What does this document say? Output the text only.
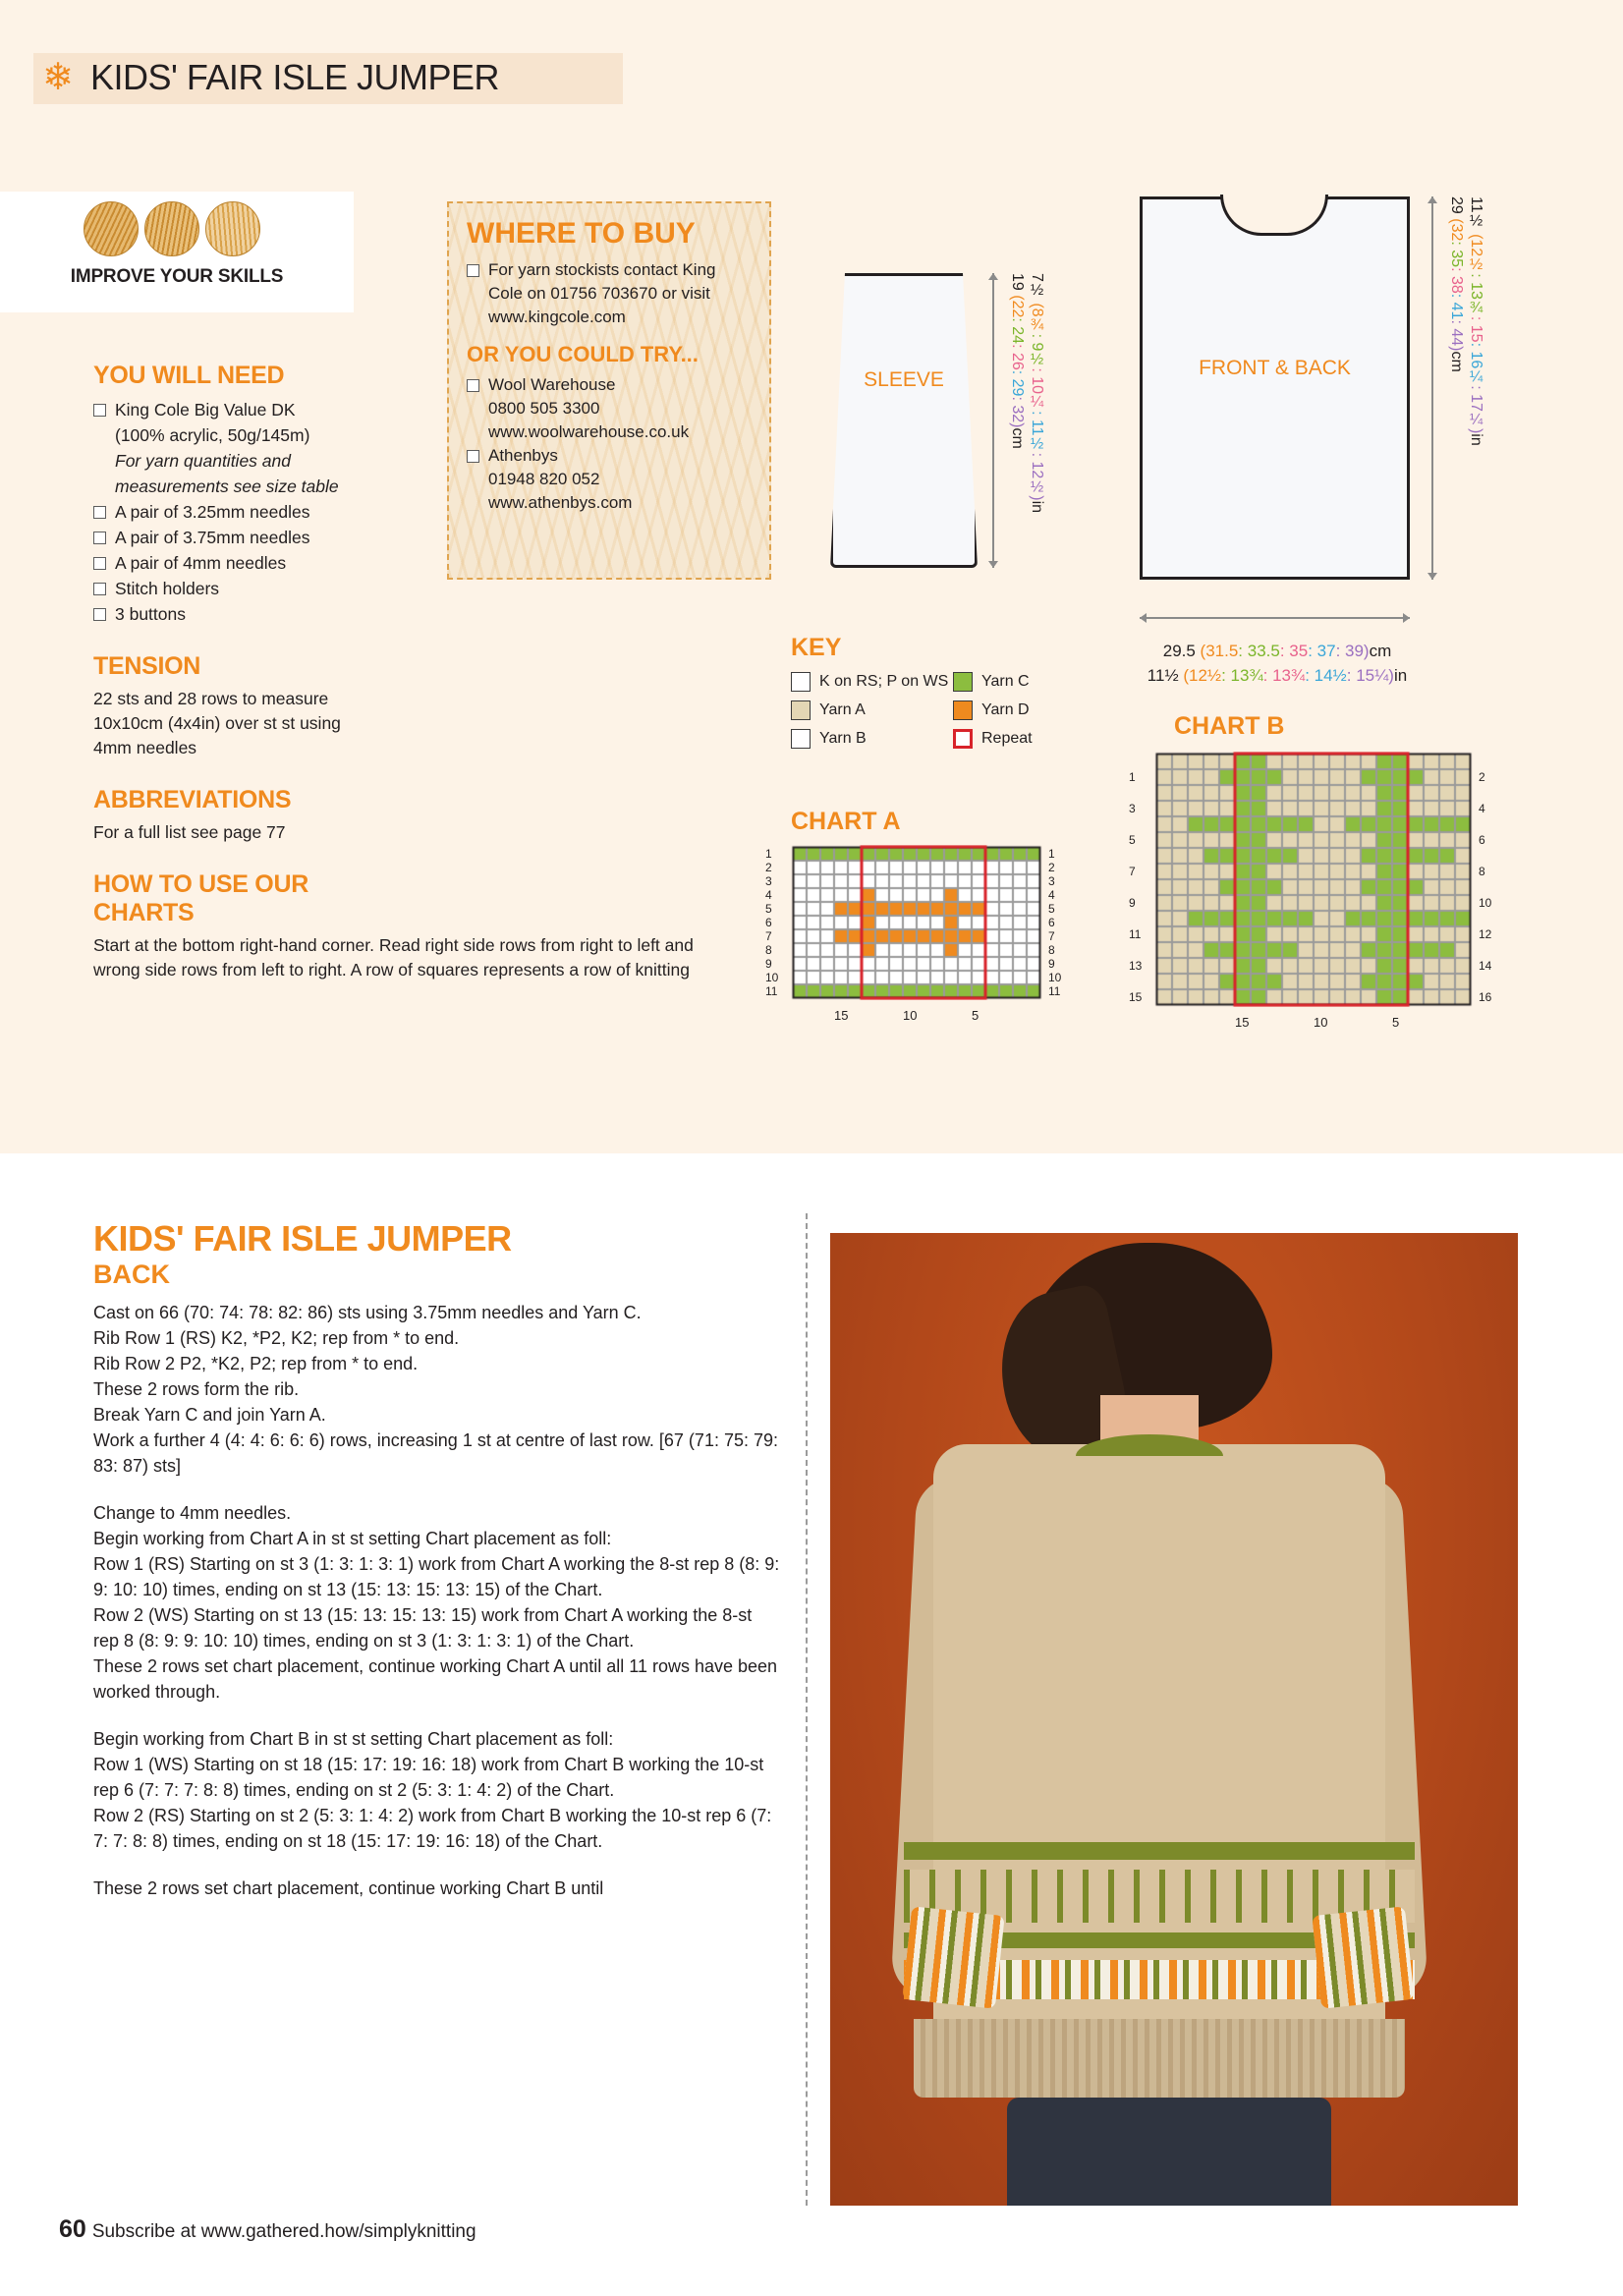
❄ KIDS' FAIR ISLE JUMPER
IMPROVE YOUR SKILLS
YOU WILL NEED
King Cole Big Value DK
(100% acrylic, 50g/145m)
For yarn quantities and
measurements see size table
A pair of 3.25mm needles
A pair of 3.75mm needles
A pair of 4mm needles
Stitch holders
3 buttons
TENSION
22 sts and 28 rows to measure
10x10cm (4x4in) over st st using
4mm needles
ABBREVIATIONS
For a full list see page 77
HOW TO USE OUR CHARTS
Start at the bottom right-hand corner. Read right side rows from right to left and wrong side rows from left to right. A row of squares represents a row of knitting
WHERE TO BUY
For yarn stockists contact King
Cole on 01756 703670 or visit
www.kingcole.com
OR YOU COULD TRY...
Wool Warehouse
0800 505 3300
www.woolwarehouse.co.uk
Athenbys
01948 820 052
www.athenbys.com
SLEEVE
19 (22: 24: 26: 29: 32)cm
7½ (8¾: 9½: 10¼: 11½: 12½)in
FRONT & BACK
29 (32: 35: 38: 41: 44)cm
11½ (12½: 13¾: 15: 16¼: 17¼)in
29.5 (31.5: 33.5: 35: 37: 39)cm
11½ (12½: 13¾: 13¾: 14½: 15¼)in
KEY
K on RS; P on WS Yarn C
Yarn A	Yarn D
Yarn B	Repeat
CHART A
11
10
9
8
7
6
5
4
3
2
1
11
10
9
8
7
6
5
4
3
2
1
15	10	5
CHART B
15
13
11
9
7
5
3
1
16
14
12
10
8
6
4
2
15	10	5
KIDS' FAIR ISLE JUMPER
BACK

Cast on 66 (70: 74: 78: 82: 86) sts using 3.75mm needles and Yarn C.

Rib Row 1 (RS) K2, *P2, K2; rep from * to end.

Rib Row 2 P2, *K2, P2; rep from * to end.

These 2 rows form the rib.

Break Yarn C and join Yarn A.

Work a further 4 (4: 4: 6: 6: 6) rows, increasing 1 st at centre of last row. [67 (71: 75: 79: 83: 87) sts]

Change to 4mm needles.

Begin working from Chart A in st st setting Chart placement as foll:

Row 1 (RS) Starting on st 3 (1: 3: 1: 3: 1) work from Chart A working the 8-st rep 8 (8: 9: 9: 10: 10) times, ending on st 13 (15: 13: 15: 13: 15) of the Chart.

Row 2 (WS) Starting on st 13 (15: 13: 15: 13: 15) work from Chart A working the 8-st rep 8 (8: 9: 9: 10: 10) times, ending on st 3 (1: 3: 1: 3: 1) of the Chart.

These 2 rows set chart placement, continue working Chart A until all 11 rows have been worked through.

Begin working from Chart B in st st setting Chart placement as foll:

Row 1 (WS) Starting on st 18 (15: 17: 19: 16: 18) work from Chart B working the 10-st rep 6 (7: 7: 7: 8: 8) times, ending on st 2 (5: 3: 1: 4: 2) of the Chart.

Row 2 (RS) Starting on st 2 (5: 3: 1: 4: 2) work from Chart B working the 10-st rep 6 (7: 7: 7: 8: 8) times, ending on st 18 (15: 17: 19: 16: 18) of the Chart.

These 2 rows set chart placement, continue working Chart B until

60 Subscribe at www.gathered.how/simplyknitting
